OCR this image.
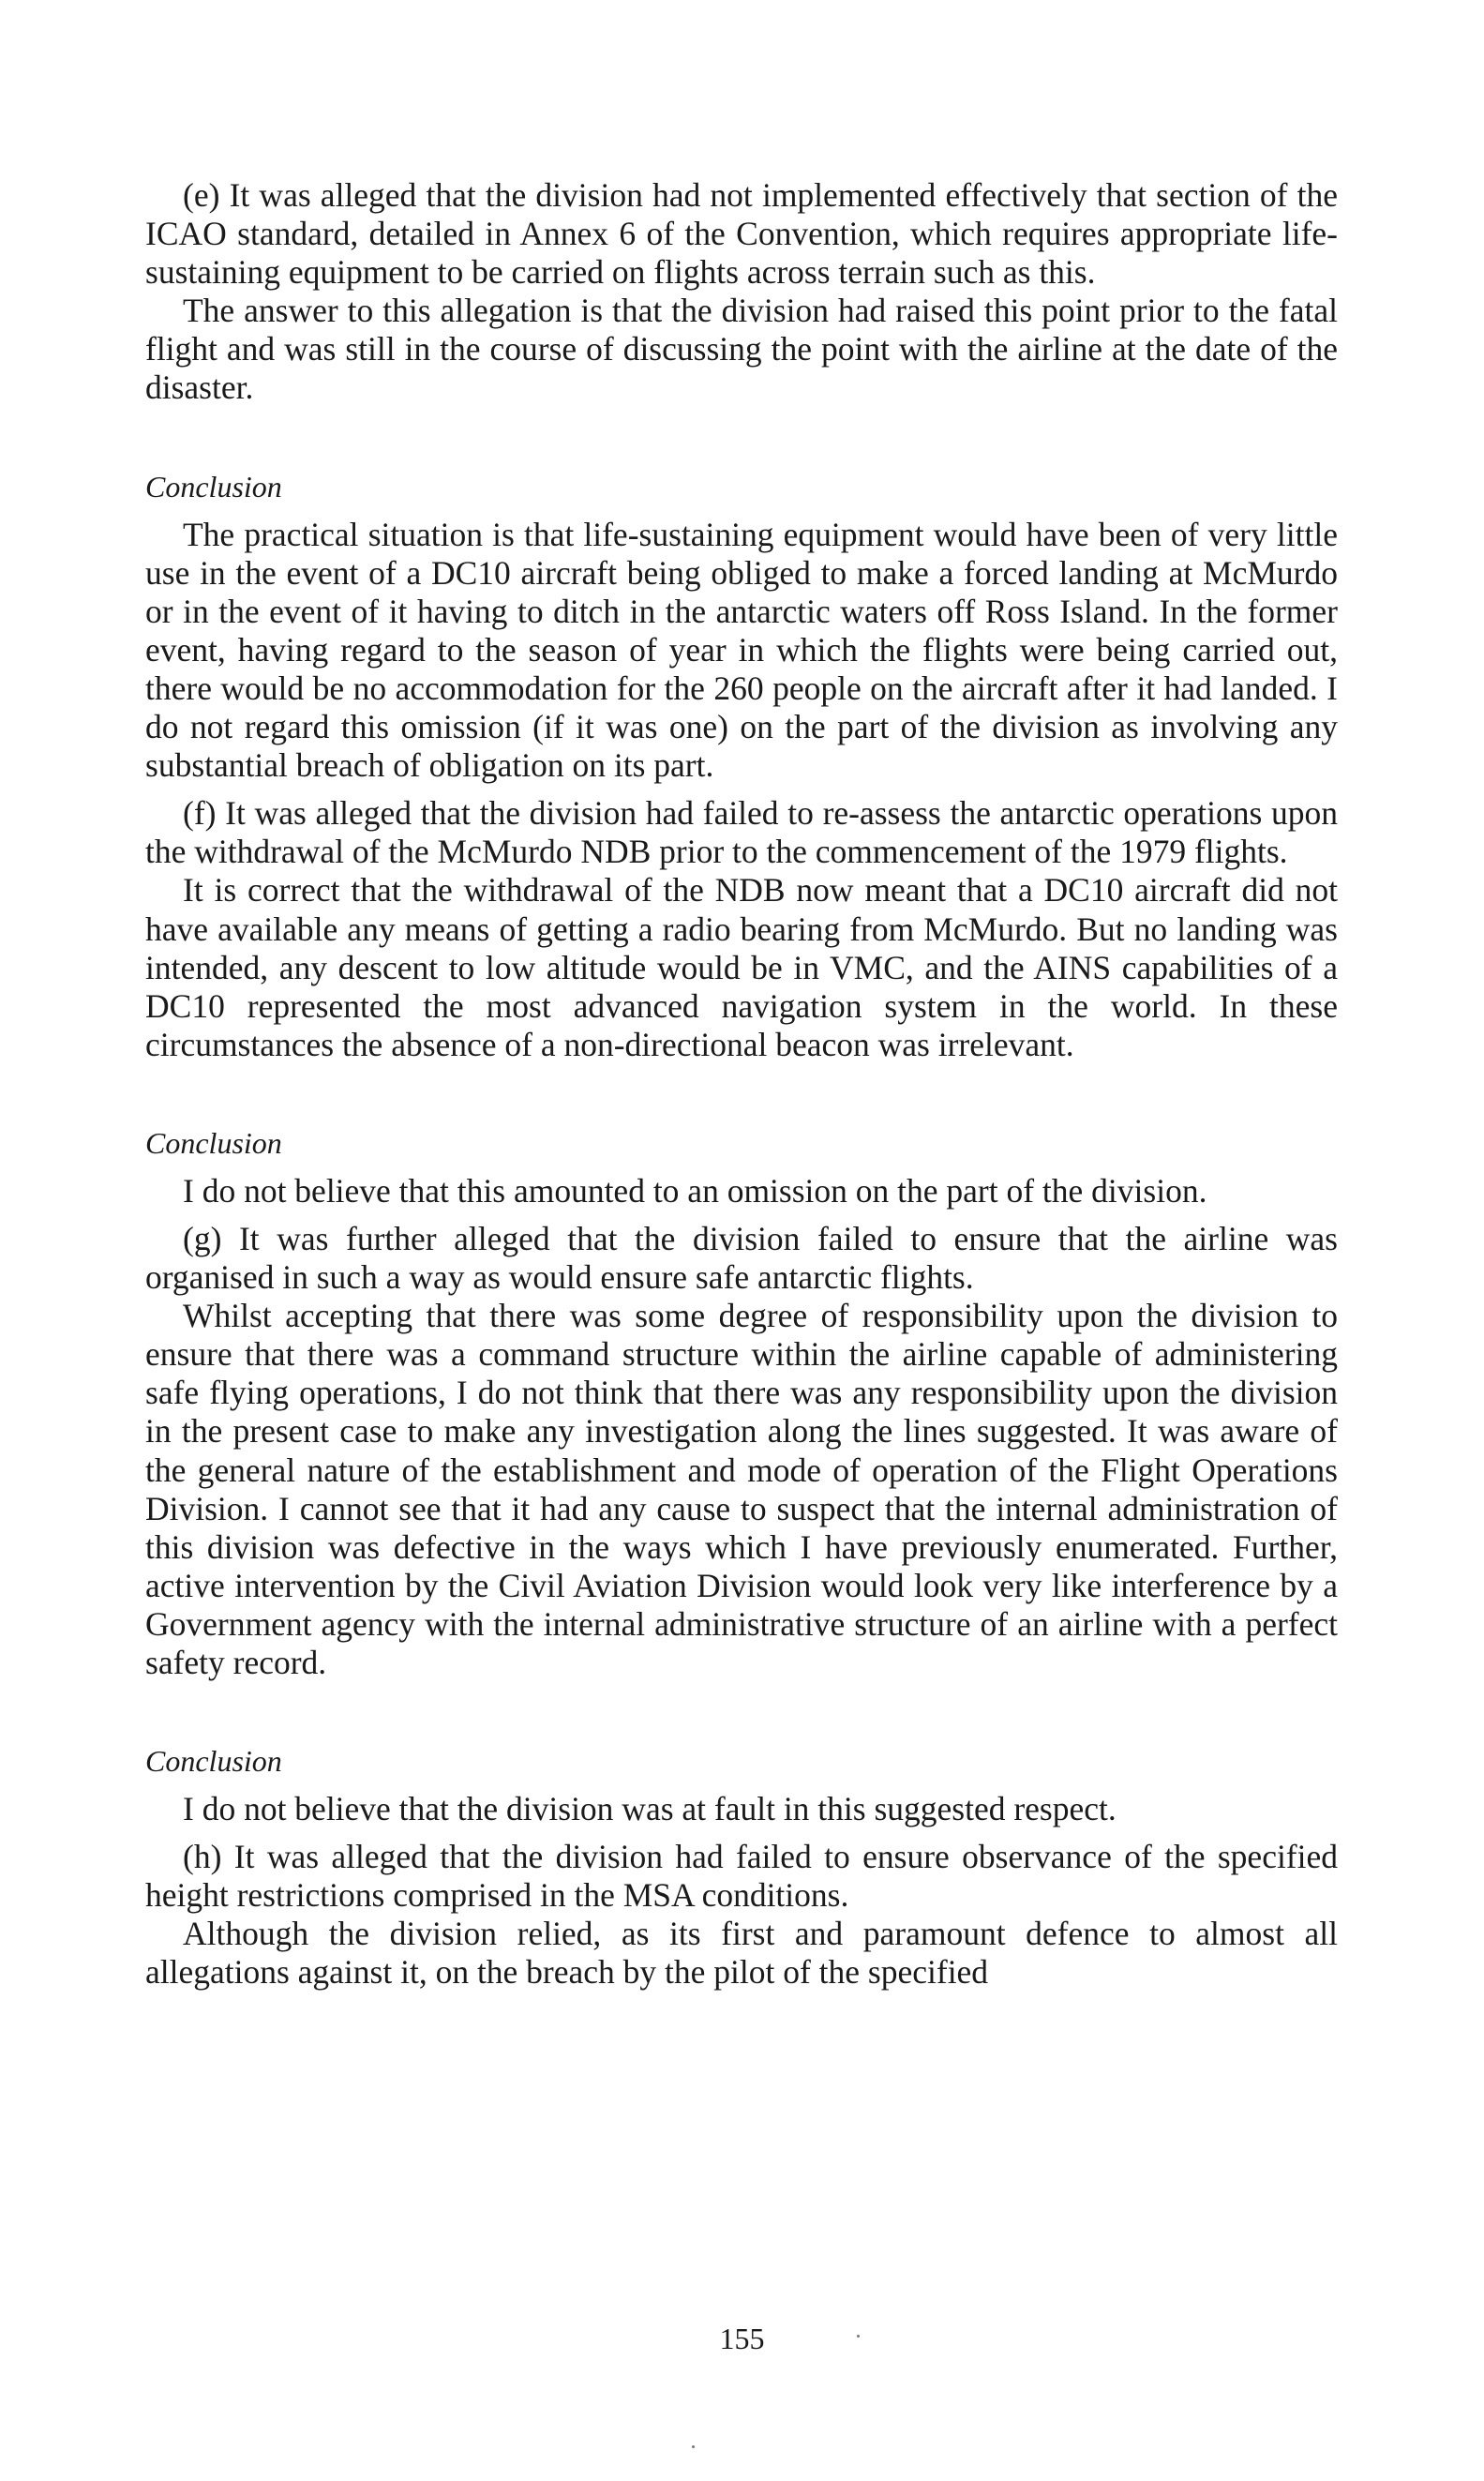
(e) It was alleged that the division had not implemented effectively that section of the ICAO standard, detailed in Annex 6 of the Convention, which requires appropriate life-sustaining equipment to be carried on flights across terrain such as this.

The answer to this allegation is that the division had raised this point prior to the fatal flight and was still in the course of discussing the point with the airline at the date of the disaster.

Conclusion

The practical situation is that life-sustaining equipment would have been of very little use in the event of a DC10 aircraft being obliged to make a forced landing at McMurdo or in the event of it having to ditch in the antarctic waters off Ross Island. In the former event, having regard to the season of year in which the flights were being carried out, there would be no accommodation for the 260 people on the aircraft after it had landed. I do not regard this omission (if it was one) on the part of the division as involving any substantial breach of obligation on its part.

(f) It was alleged that the division had failed to re-assess the antarctic operations upon the withdrawal of the McMurdo NDB prior to the commencement of the 1979 flights.

It is correct that the withdrawal of the NDB now meant that a DC10 aircraft did not have available any means of getting a radio bearing from McMurdo. But no landing was intended, any descent to low altitude would be in VMC, and the AINS capabilities of a DC10 represented the most advanced navigation system in the world. In these circumstances the absence of a non-directional beacon was irrelevant.

Conclusion

I do not believe that this amounted to an omission on the part of the division.

(g) It was further alleged that the division failed to ensure that the airline was organised in such a way as would ensure safe antarctic flights.

Whilst accepting that there was some degree of responsibility upon the division to ensure that there was a command structure within the airline capable of administering safe flying operations, I do not think that there was any responsibility upon the division in the present case to make any investigation along the lines suggested. It was aware of the general nature of the establishment and mode of operation of the Flight Operations Division. I cannot see that it had any cause to suspect that the internal administration of this division was defective in the ways which I have previously enumerated. Further, active intervention by the Civil Aviation Division would look very like interference by a Government agency with the internal administrative structure of an airline with a perfect safety record.

Conclusion

I do not believe that the division was at fault in this suggested respect.

(h) It was alleged that the division had failed to ensure observance of the specified height restrictions comprised in the MSA conditions.

Although the division relied, as its first and paramount defence to almost all allegations against it, on the breach by the pilot of the specified

155
